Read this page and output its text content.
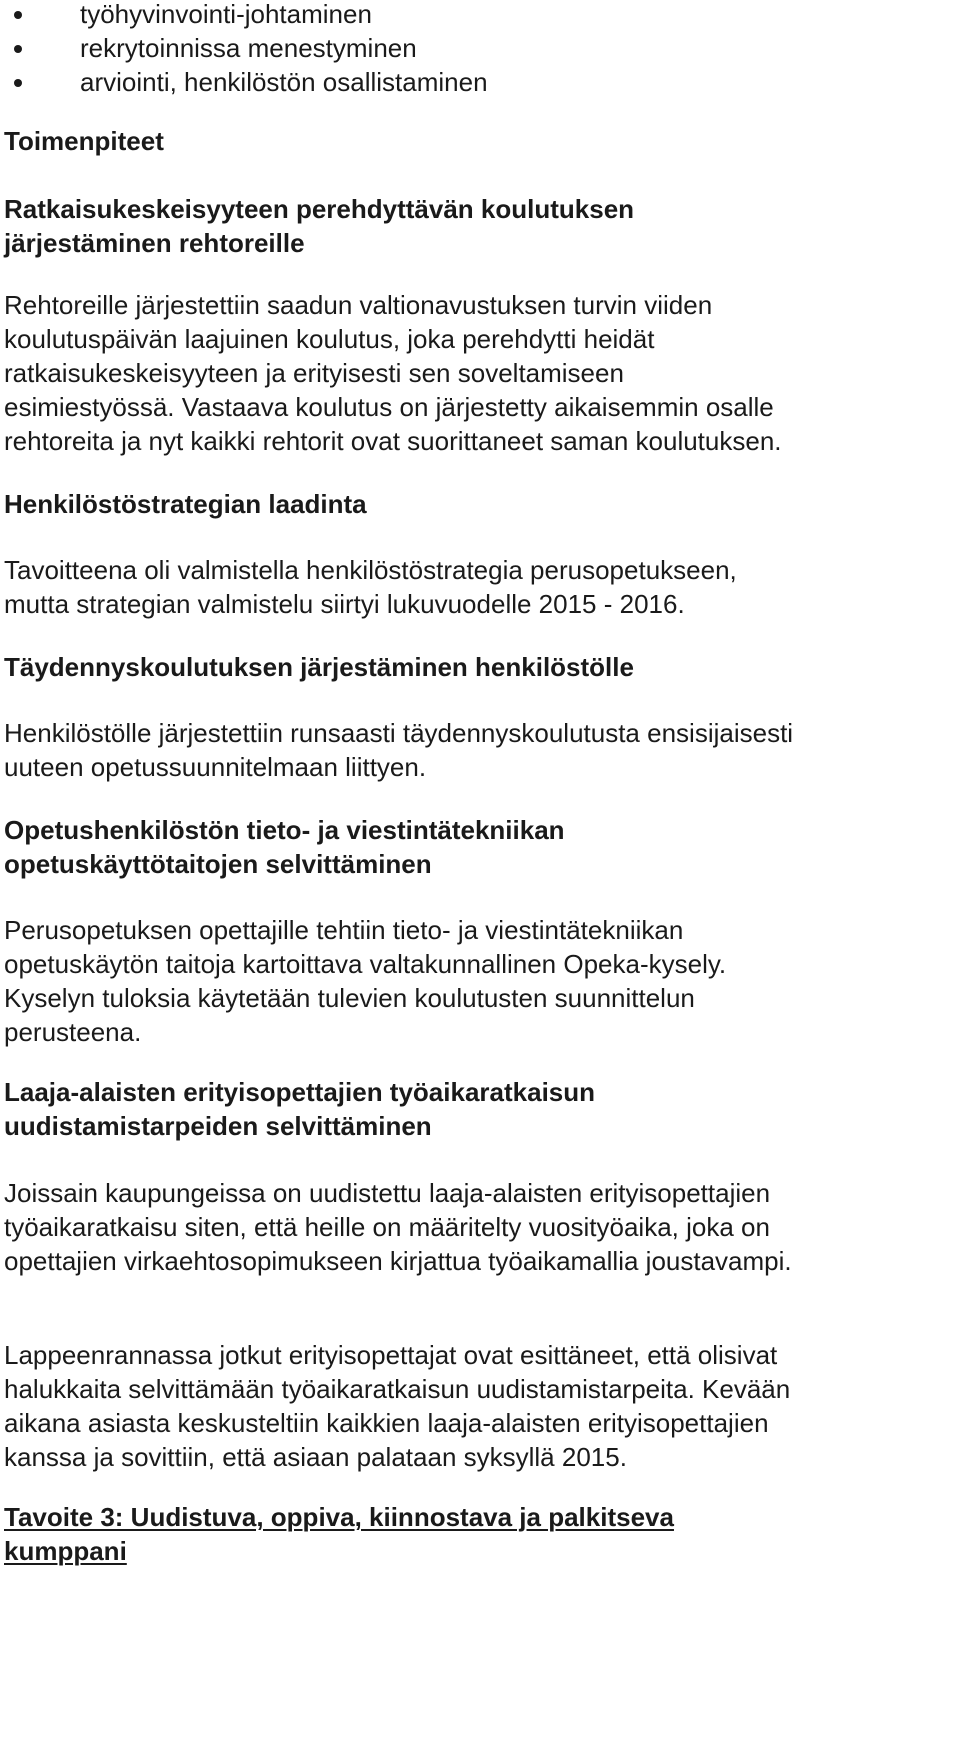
työhyvinvointi-johtaminen
rekrytoinnissa menestyminen
arviointi, henkilöstön osallistaminen
Toimenpiteet
Ratkaisukeskeisyyteen perehdyttävän koulutuksen
järjestäminen rehtoreille
Rehtoreille järjestettiin saadun valtionavustuksen turvin viiden
koulutuspäivän laajuinen koulutus, joka perehdytti heidät
ratkaisukeskeisyyteen ja erityisesti sen soveltamiseen
esimiestyössä. Vastaava koulutus on järjestetty aikaisemmin osalle
rehtoreita ja nyt kaikki rehtorit ovat suorittaneet saman koulutuksen.
Henkilöstöstrategian laadinta
Tavoitteena oli valmistella henkilöstöstrategia perusopetukseen,
mutta strategian valmistelu siirtyi lukuvuodelle 2015 - 2016.
Täydennyskoulutuksen järjestäminen henkilöstölle
Henkilöstölle järjestettiin runsaasti täydennyskoulutusta ensisijaisesti
uuteen opetussuunnitelmaan liittyen.
Opetushenkilöstön tieto- ja viestintätekniikan
opetuskäyttötaitojen selvittäminen
Perusopetuksen opettajille tehtiin tieto- ja viestintätekniikan
opetuskäytön taitoja kartoittava valtakunnallinen Opeka-kysely.
Kyselyn tuloksia käytetään tulevien koulutusten suunnittelun
perusteena.
Laaja-alaisten erityisopettajien työaikaratkaisun
uudistamistarpeiden selvittäminen
Joissain kaupungeissa on uudistettu laaja-alaisten erityisopettajien
työaikaratkaisu siten, että heille on määritelty vuosityöaika, joka on
opettajien virkaehtosopimukseen kirjattua työaikamallia joustavampi.
Lappeenrannassa jotkut erityisopettajat ovat esittäneet, että olisivat
halukkaita selvittämään työaikaratkaisun uudistamistarpeita. Kevään
aikana asiasta keskusteltiin kaikkien laaja-alaisten erityisopettajien
kanssa ja sovittiin, että asiaan palataan syksyllä 2015.
Tavoite 3: Uudistuva, oppiva, kiinnostava ja palkitseva
kumppani
